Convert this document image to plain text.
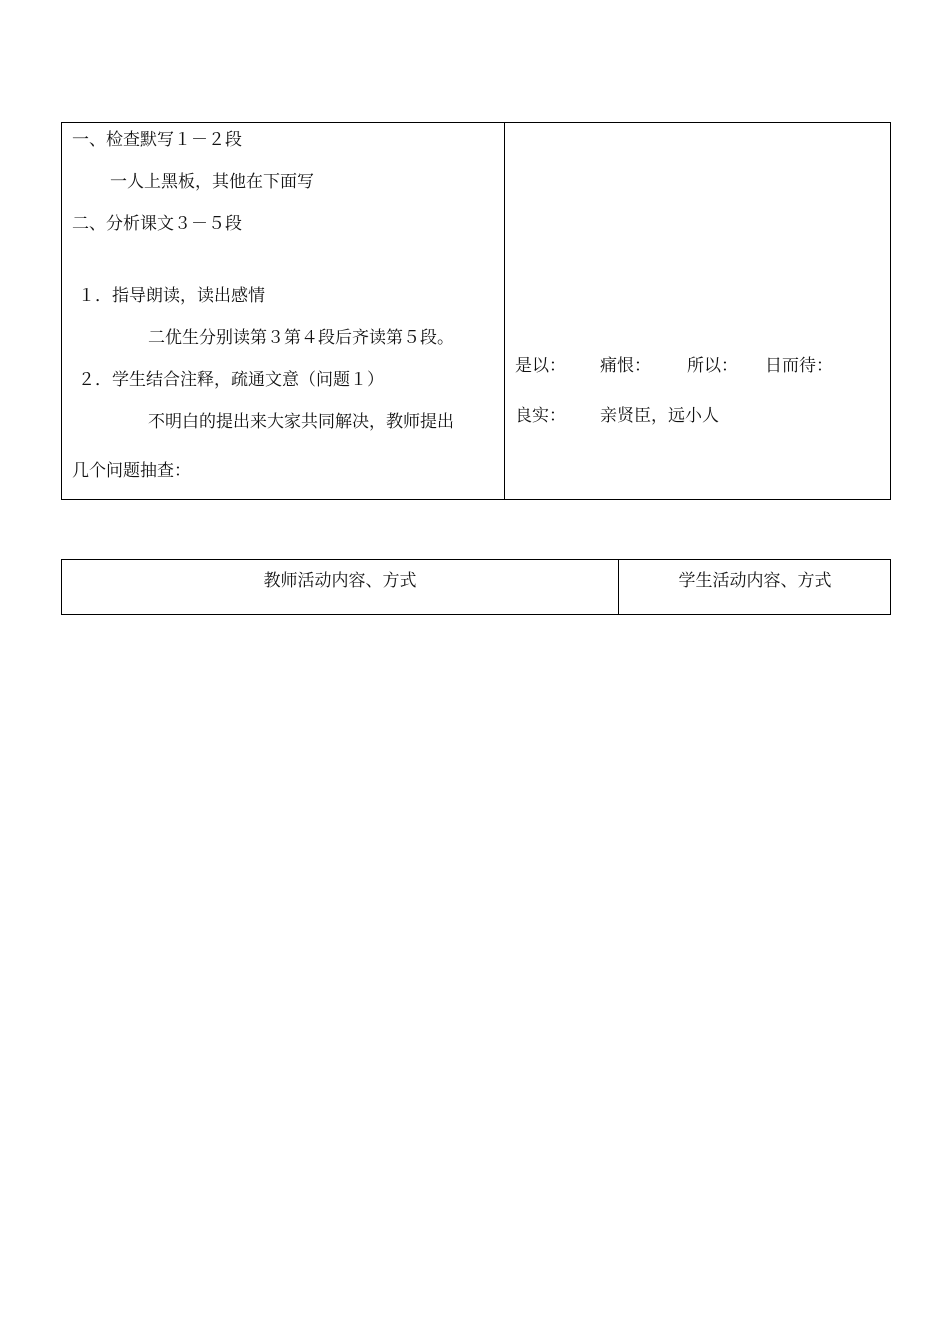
一、检查默写１－２段
一人上黑板，其他在下面写
二、分析课文３－５段
１．指导朗读，读出感情
二优生分别读第３第４段后齐读第５段。
２．学生结合注释，疏通文意（问题１）
不明白的提出来大家共同解决，教师提出
几个问题抽查：
是以： 痛恨： 所以： 日而待：
良实： 亲贤臣，远小人
教师活动内容、方式	学生活动内容、方式
